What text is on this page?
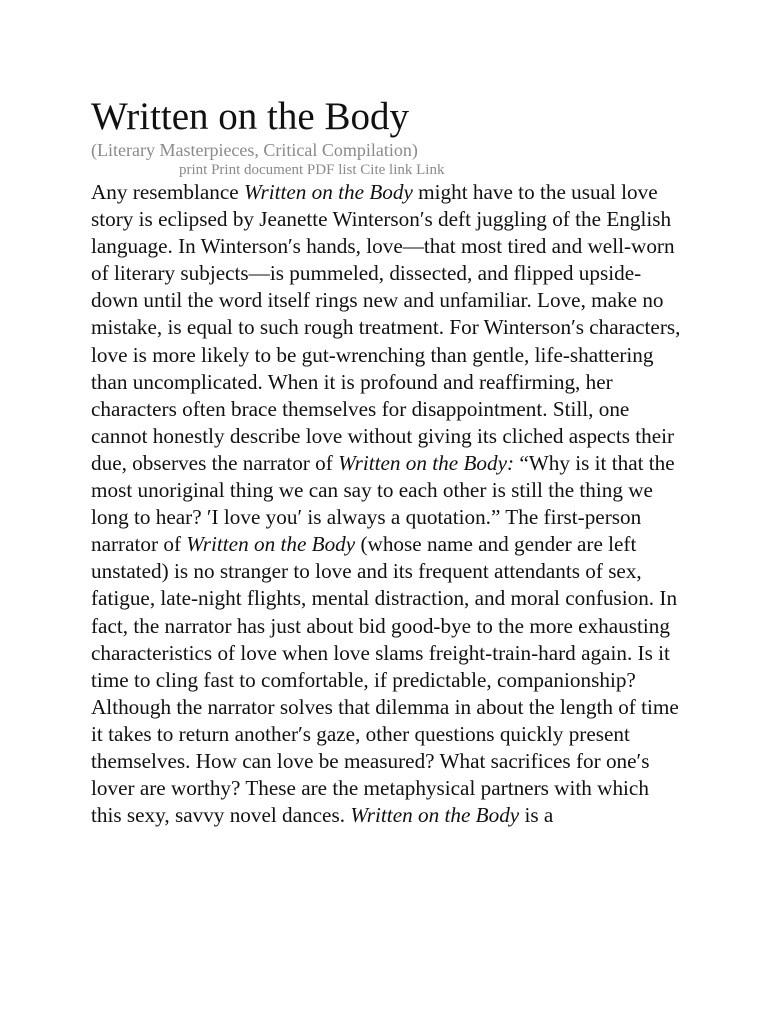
Written on the Body

(Literary Masterpieces, Critical Compilation)

print Print document PDF list Cite link Link

Any resemblance Written on the Body might have to the usual love story is eclipsed by Jeanette Winterson′s deft juggling of the English language. In Winterson′s hands, love—that most tired and well-worn of literary subjects—is pummeled, dissected, and flipped upside-down until the word itself rings new and unfamiliar. Love, make no mistake, is equal to such rough treatment. For Winterson′s characters, love is more likely to be gut-wrenching than gentle, life-shattering than uncomplicated. When it is profound and reaffirming, her characters often brace themselves for disappointment. Still, one cannot honestly describe love without giving its cliched aspects their due, observes the narrator of Written on the Body: “Why is it that the most unoriginal thing we can say to each other is still the thing we long to hear? ′I love you′ is always a quotation.” The first-person narrator of Written on the Body (whose name and gender are left unstated) is no stranger to love and its frequent attendants of sex, fatigue, late-night flights, mental distraction, and moral confusion. In fact, the narrator has just about bid good-bye to the more exhausting characteristics of love when love slams freight-train-hard again. Is it time to cling fast to comfortable, if predictable, companionship? Although the narrator solves that dilemma in about the length of time it takes to return another′s gaze, other questions quickly present themselves. How can love be measured? What sacrifices for one′s lover are worthy? These are the metaphysical partners with which this sexy, savvy novel dances. Written on the Body is a
